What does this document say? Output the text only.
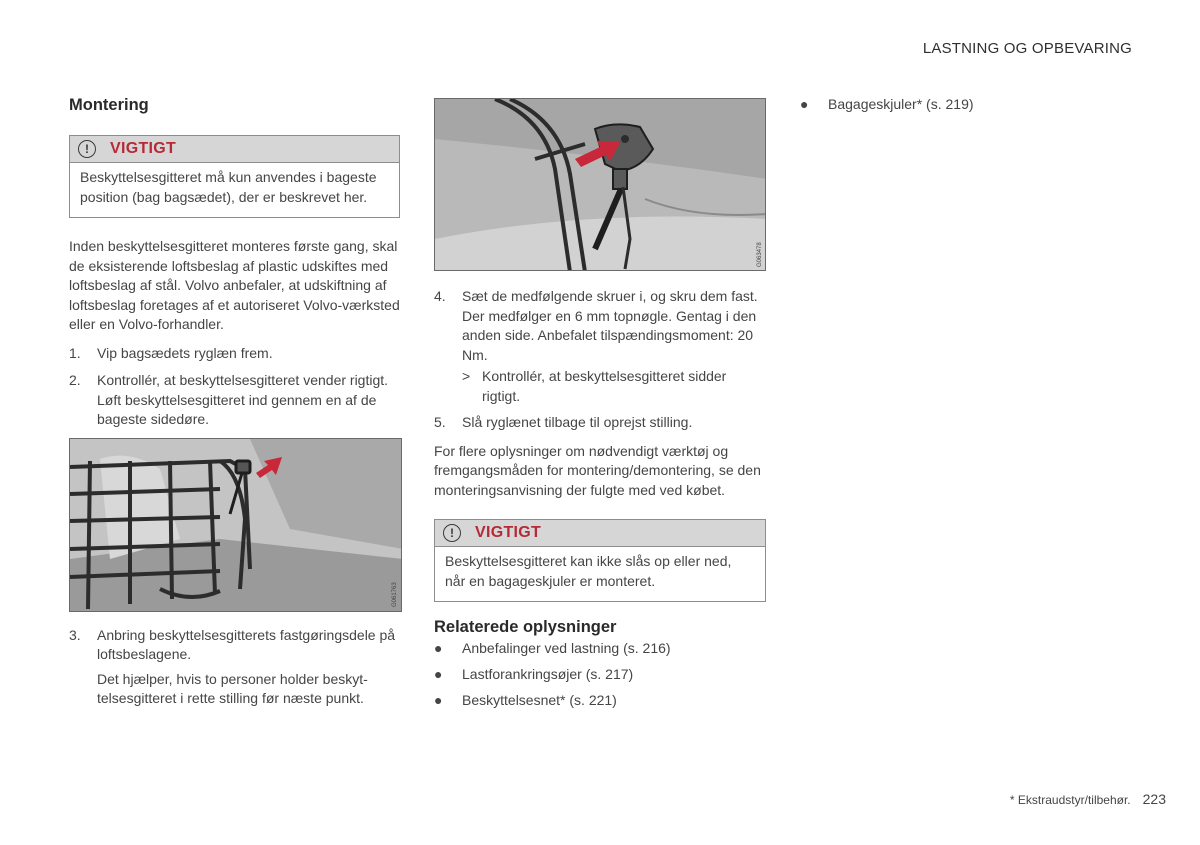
LASTNING OG OPBEVARING
Montering
!	VIGTIGT
Beskyttelsesgitteret må kun anvendes i bageste position (bag bagsædet), der er beskrevet her.

Inden beskyttelsesgitteret monteres første gang, skal de eksisterende loftsbeslag af plastic udskiftes med loftsbeslag af stål. Volvo anbefaler, at udskiftning af loftsbeslag foretages af et autoriseret Volvo-værksted eller en Volvo-forhandler.

1.	Vip bagsædets ryglæn frem.
2.	Kontrollér, at beskyttelsesgitteret vender rigtigt. Løft beskyttelsesgitteret ind gennem en af de bageste sidedøre.
G061763
3.	Anbring beskyttelsesgitterets fastgøringsdele på loftsbeslagene.

Det hjælper, hvis to personer holder beskyttelsesgitteret i rette stilling før næste punkt.

G063478
4.	Sæt de medfølgende skruer i, og skru dem fast. Der medfølger en 6 mm topnøgle. Gentag i den anden side. Anbefalet tilspændingsmoment: 20 Nm.
> Kontrollér, at beskyttelsesgitteret sidder rigtigt.
5.	Slå ryglænet tilbage til oprejst stilling.

For flere oplysninger om nødvendigt værktøj og fremgangsmåden for montering/demontering, se den monteringsanvisning der fulgte med ved købet.

!	VIGTIGT
Beskyttelsesgitteret kan ikke slås op eller ned, når en bagageskjuler er monteret.
Relaterede oplysninger
●	Anbefalinger ved lastning (s. 216)
●	Lastforankringsøjer (s. 217)
●	Beskyttelsesnet* (s. 221)
●	Bagageskjuler* (s. 219)
* Ekstraudstyr/tilbehør. 223
